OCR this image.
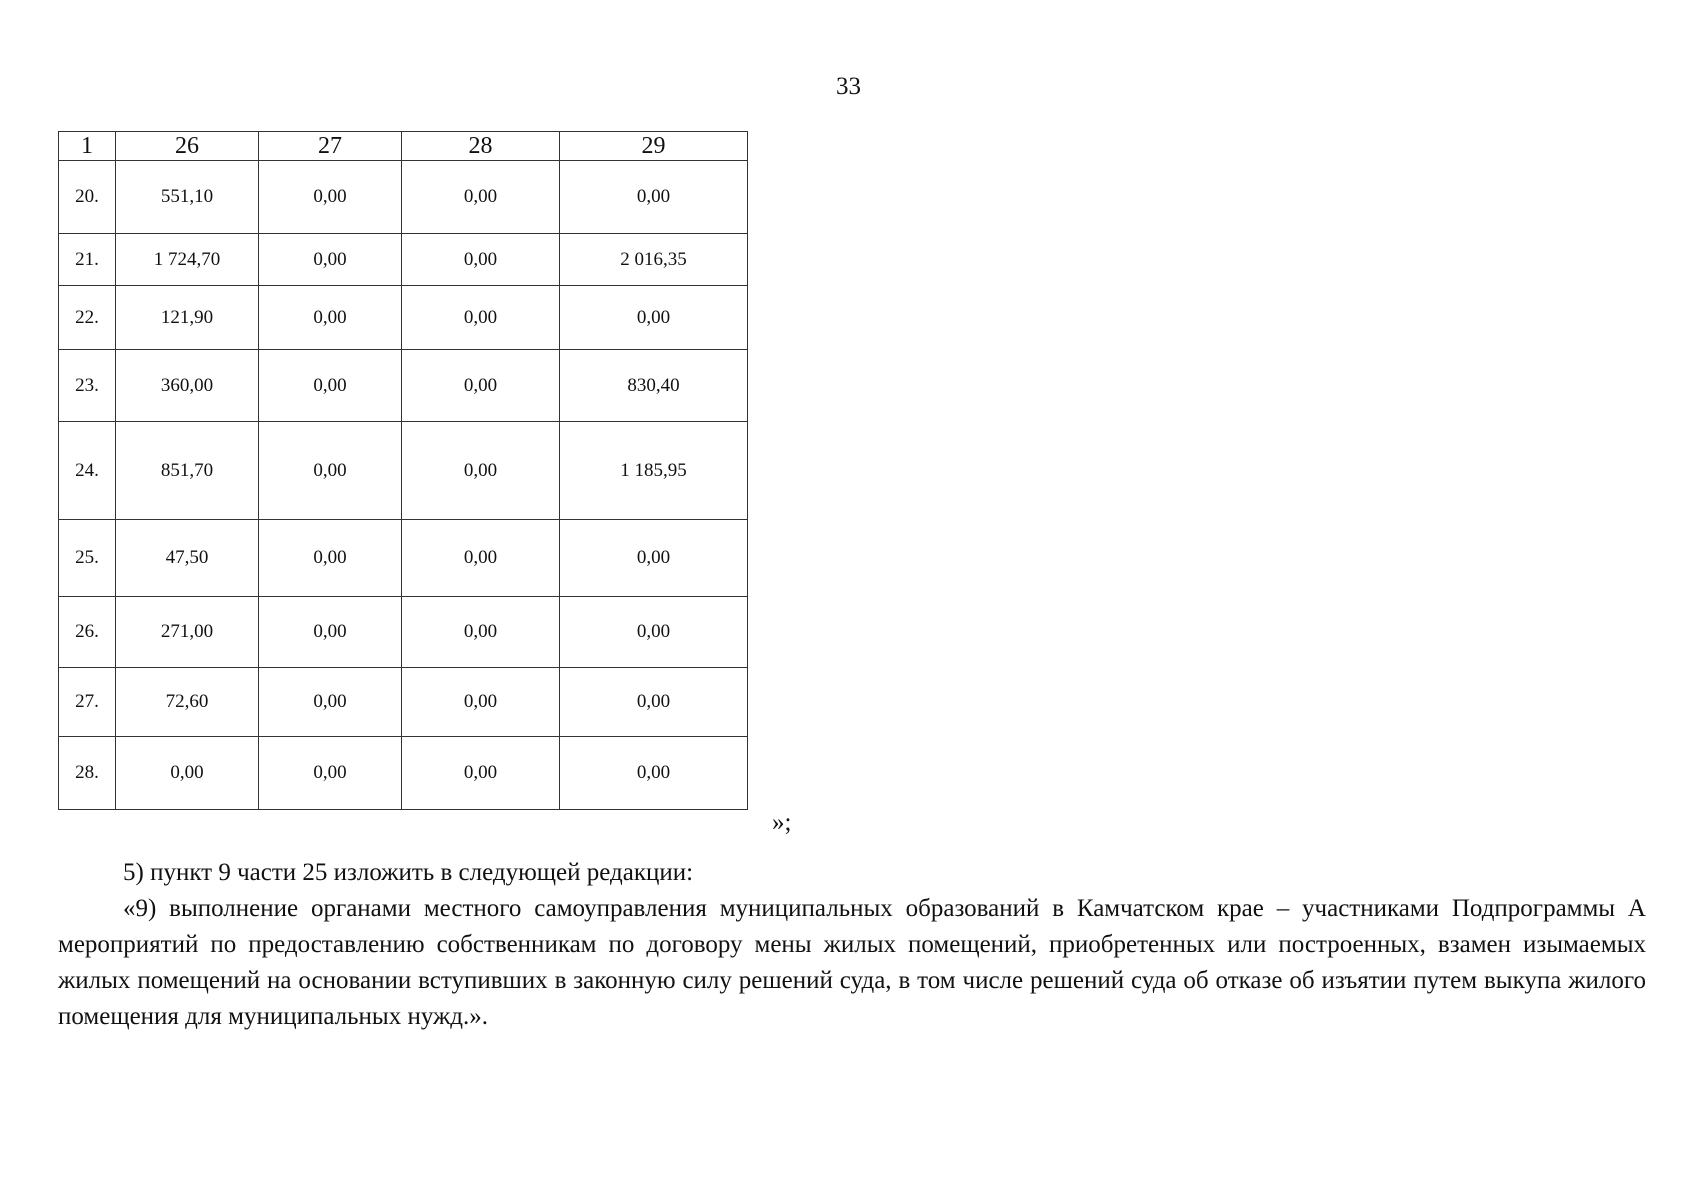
33
1	26	27	28	29
20.	551,10	0,00	0,00	0,00
21.	1 724,70	0,00	0,00	2 016,35
22.	121,90	0,00	0,00	0,00
23.	360,00	0,00	0,00	830,40
24.	851,70	0,00	0,00	1 185,95
25.	47,50	0,00	0,00	0,00
26.	271,00	0,00	0,00	0,00
27.	72,60	0,00	0,00	0,00
28.	0,00	0,00	0,00	0,00
»;

5) пункт 9 части 25 изложить в следующей редакции:

«9) выполнение органами местного самоуправления муниципальных образований в Камчатском крае – участниками Подпрограммы А мероприятий по предоставлению собственникам по договору мены жилых помещений, приобретенных или построенных, взамен изымаемых жилых помещений на основании вступивших в законную силу решений суда, в том числе решений суда об отказе об изъятии путем выкупа жилого помещения для муниципальных нужд.».
